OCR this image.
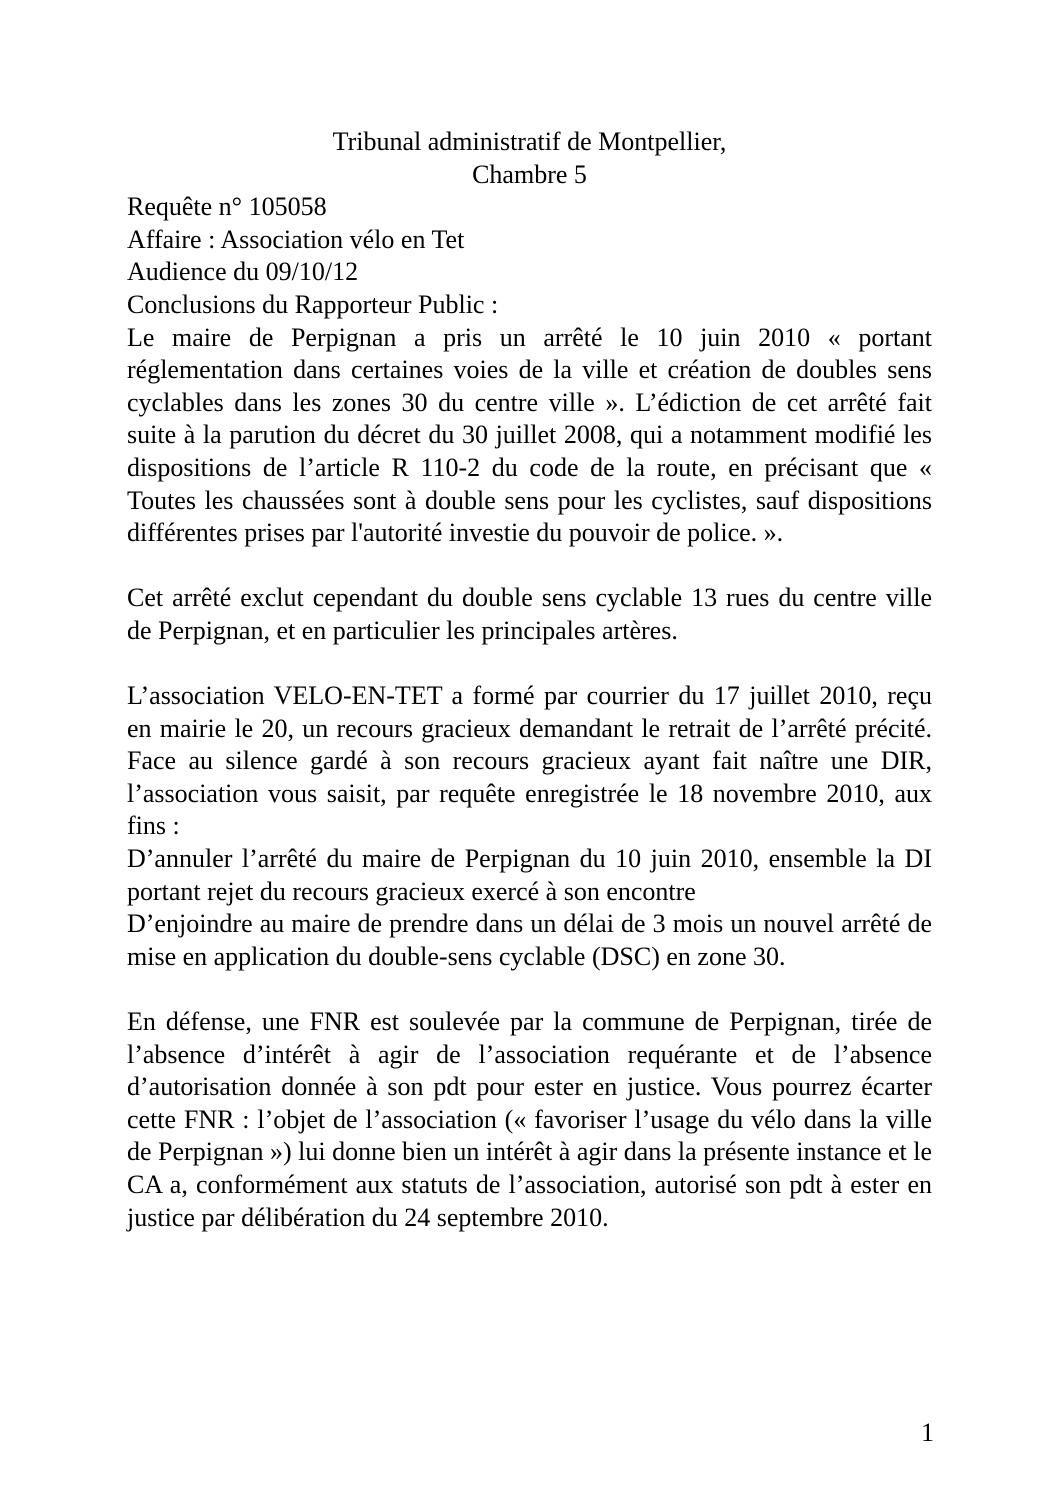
Tribunal administratif de Montpellier,

Chambre 5

Requête n° 105058

Affaire : Association vélo en Tet

Audience du 09/10/12

Conclusions du Rapporteur Public :

Le maire de Perpignan a pris un arrêté le 10 juin 2010 « portant réglementation dans certaines voies de la ville et création de doubles sens cyclables dans les zones 30 du centre ville ». L’édiction de cet arrêté fait suite à la parution du décret du 30 juillet 2008, qui a notamment modifié les dispositions de l’article R 110-2 du code de la route, en précisant que « Toutes les chaussées sont à double sens pour les cyclistes, sauf dispositions différentes prises par l'autorité investie du pouvoir de police. ».

Cet arrêté exclut cependant du double sens cyclable 13 rues du centre ville de Perpignan, et en particulier les principales artères.

L’association VELO-EN-TET a formé par courrier du 17 juillet 2010, reçu en mairie le 20, un recours gracieux demandant le retrait de l’arrêté précité. Face au silence gardé à son recours gracieux ayant fait naître une DIR, l’association vous saisit, par requête enregistrée le 18 novembre 2010, aux fins :

D’annuler l’arrêté du maire de Perpignan du 10 juin 2010, ensemble la DI portant rejet du recours gracieux exercé à son encontre

D’enjoindre au maire de prendre dans un délai de 3 mois un nouvel arrêté de mise en application du double-sens cyclable (DSC) en zone 30.

En défense, une FNR est soulevée par la commune de Perpignan, tirée de l’absence d’intérêt à agir de l’association requérante et de l’absence d’autorisation donnée à son pdt pour ester en justice. Vous pourrez écarter cette FNR : l’objet de l’association (« favoriser l’usage du vélo dans la ville de Perpignan ») lui donne bien un intérêt à agir dans la présente instance et le CA a, conformément aux statuts de l’association, autorisé son pdt à ester en justice par délibération du 24 septembre 2010.

1
